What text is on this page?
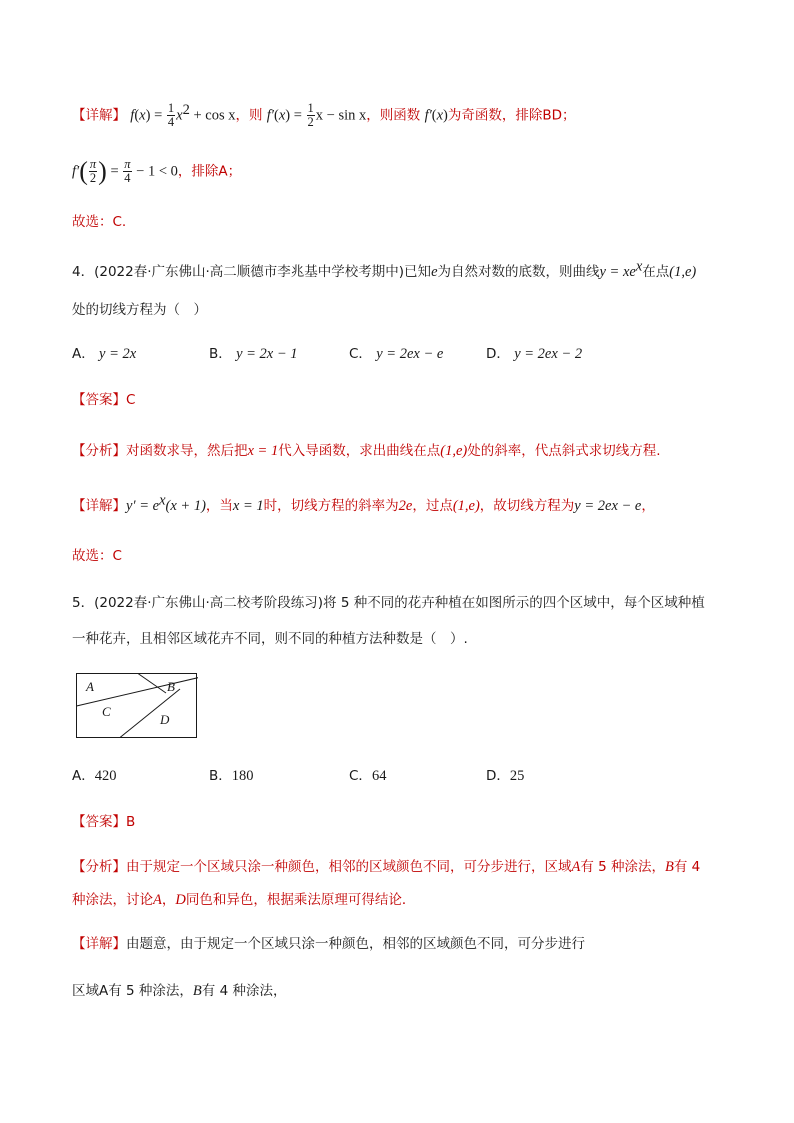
【详解】 $f(x) = \frac{1}{4} x^2 + \cos x$，则 $f'(x) = \frac{1}{2}$ x − sin x，则函数 f′(x)为奇函数，排除BD；
$f'( \frac{\pi}{2}$ ) = $\frac{\pi}{4} - 1 < 0$，排除A；
故选：C.
4．(2022春·广东佛山·高二顺德市李兆基中学校考期中)已知e为自然对数的底数，则曲线$y = xe^x$在点(1,e)
处的切线方程为（　）
A． y = 2x	B． y = 2x − 1	C． y = 2ex − e	D． y = 2ex − 2
【答案】C
【分析】对函数求导，然后把x = 1代入导函数，求出曲线在点(1,e)处的斜率，代点斜式求切线方程.
【详解】$y' = e^x(x + 1)$，当x = 1时，切线方程的斜率为2e，过点(1,e)，故切线方程为y = 2ex − e，
故选：C
5．(2022春·广东佛山·高二校考阶段练习)将 5 种不同的花卉种植在如图所示的四个区域中，每个区域种植
一种花卉，且相邻区域花卉不同，则不同的种植方法种数是（　）.
A	B
C
D
A．420	B．180	C．64	D．25
【答案】B
【分析】由于规定一个区域只涂一种颜色，相邻的区域颜色不同，可分步进行，区域A有 5 种涂法，B有 4
种涂法，讨论A，D同色和异色，根据乘法原理可得结论．
【详解】由题意，由于规定一个区域只涂一种颜色，相邻的区域颜色不同，可分步进行
区域A有 5 种涂法，B有 4 种涂法，
